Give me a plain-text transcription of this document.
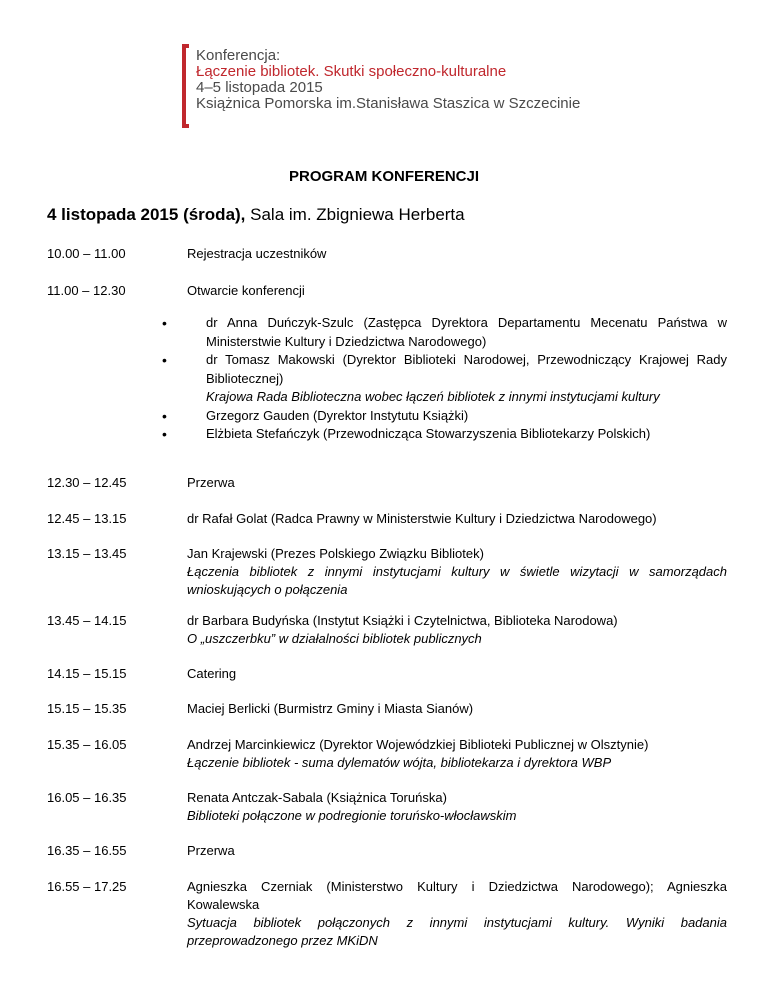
Konferencja:
Łączenie bibliotek. Skutki społeczno-kulturalne
4–5 listopada 2015
Książnica Pomorska im.Stanisława Staszica w Szczecinie
PROGRAM KONFERENCJI
4 listopada 2015 (środa), Sala im. Zbigniewa Herberta
10.00 – 11.00	Rejestracja uczestników
11.00 – 12.30	Otwarcie konferencji
•	dr Anna Duńczyk-Szulc (Zastępca Dyrektora Departamentu Mecenatu Państwa w Ministerstwie Kultury i Dziedzictwa Narodowego)
•	dr Tomasz Makowski (Dyrektor Biblioteki Narodowej, Przewodniczący Krajowej Rady Bibliotecznej)
Krajowa Rada Biblioteczna wobec łączeń bibliotek z innymi instytucjami kultury
•	Grzegorz Gauden (Dyrektor Instytutu Książki)
•	Elżbieta Stefańczyk (Przewodnicząca Stowarzyszenia Bibliotekarzy Polskich)
12.30 – 12.45	Przerwa
12.45 – 13.15	dr Rafał Golat (Radca Prawny w Ministerstwie Kultury i Dziedzictwa Narodowego)
13.15 – 13.45	Jan Krajewski (Prezes Polskiego Związku Bibliotek)
Łączenia bibliotek z innymi instytucjami kultury w świetle wizytacji w samorządach wnioskujących o połączenia
13.45 – 14.15	dr Barbara Budyńska (Instytut Książki i Czytelnictwa, Biblioteka Narodowa)
O „uszczerbku” w działalności bibliotek publicznych
14.15 – 15.15	Catering
15.15 – 15.35	Maciej Berlicki (Burmistrz Gminy i Miasta Sianów)
15.35 – 16.05	Andrzej Marcinkiewicz (Dyrektor Wojewódzkiej Biblioteki Publicznej w Olsztynie)
Łączenie bibliotek - suma dylematów wójta, bibliotekarza i dyrektora WBP
16.05 – 16.35	Renata Antczak-Sabala (Książnica Toruńska)
Biblioteki połączone w podregionie toruńsko-włocławskim
16.35 – 16.55	Przerwa
16.55 – 17.25	Agnieszka Czerniak (Ministerstwo Kultury i Dziedzictwa Narodowego); Agnieszka Kowalewska
Sytuacja bibliotek połączonych z innymi instytucjami kultury. Wyniki badania przeprowadzonego przez MKiDN
